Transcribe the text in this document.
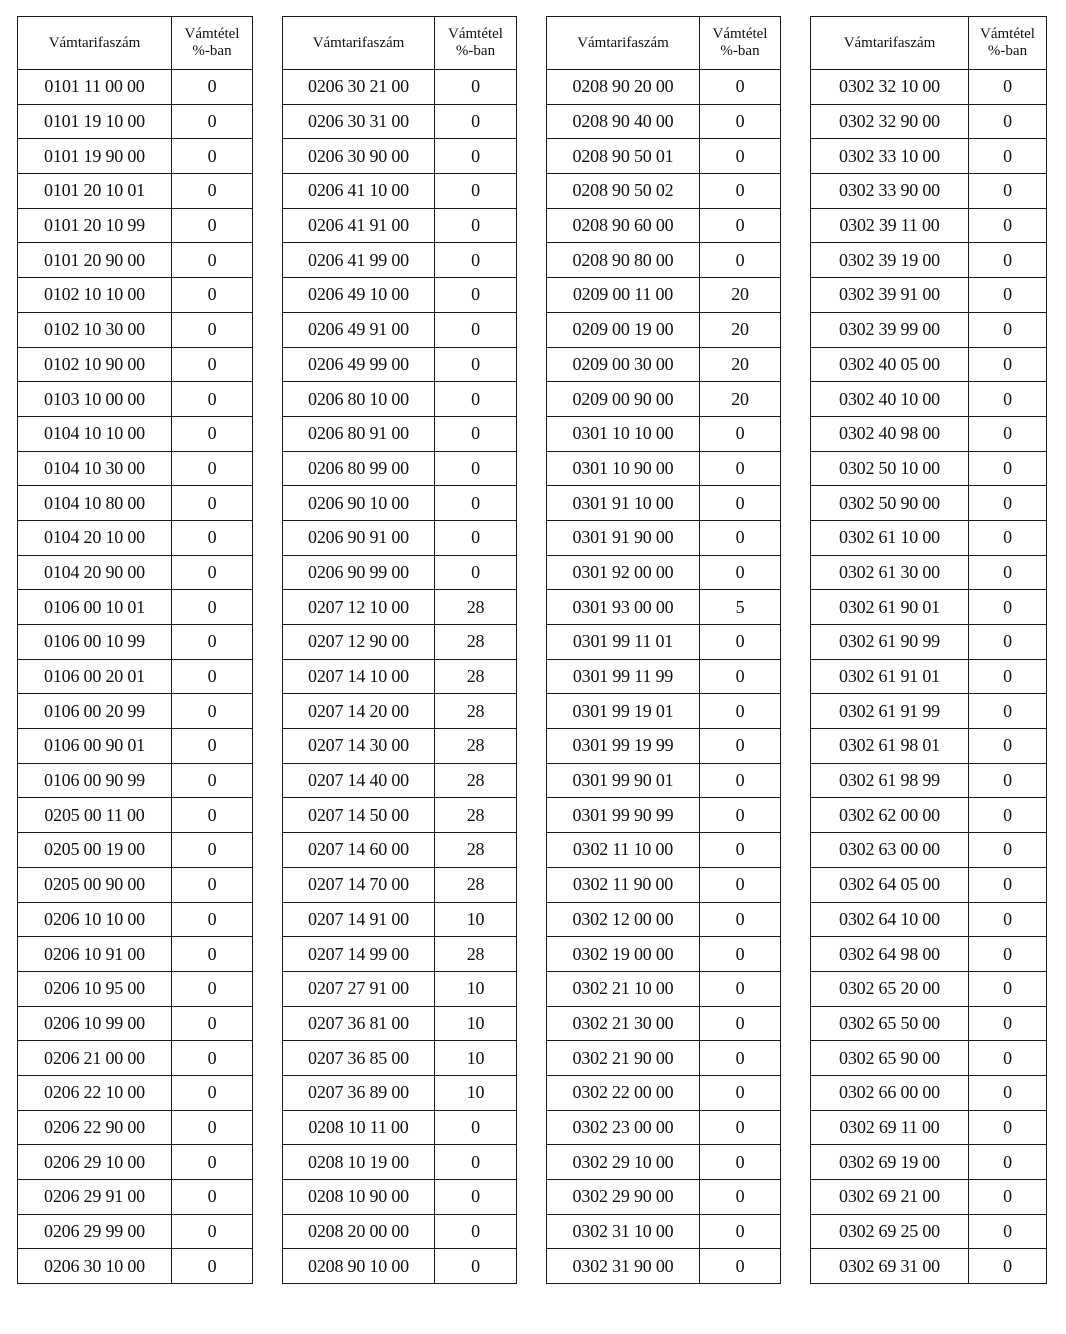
Vámtarifaszám	Vámtétel
%-ban

0101 11 00 00	0
0101 19 10 00	0
0101 19 90 00	0
0101 20 10 01	0
0101 20 10 99	0
0101 20 90 00	0
0102 10 10 00	0
0102 10 30 00	0
0102 10 90 00	0
0103 10 00 00	0
0104 10 10 00	0
0104 10 30 00	0
0104 10 80 00	0
0104 20 10 00	0
0104 20 90 00	0
0106 00 10 01	0
0106 00 10 99	0
0106 00 20 01	0
0106 00 20 99	0
0106 00 90 01	0
0106 00 90 99	0
0205 00 11 00	0
0205 00 19 00	0
0205 00 90 00	0
0206 10 10 00	0
0206 10 91 00	0
0206 10 95 00	0
0206 10 99 00	0
0206 21 00 00	0
0206 22 10 00	0
0206 22 90 00	0
0206 29 10 00	0
0206 29 91 00	0
0206 29 99 00	0
0206 30 10 00	0
Vámtarifaszám	Vámtétel
%-ban

0206 30 21 00	0
0206 30 31 00	0
0206 30 90 00	0
0206 41 10 00	0
0206 41 91 00	0
0206 41 99 00	0
0206 49 10 00	0
0206 49 91 00	0
0206 49 99 00	0
0206 80 10 00	0
0206 80 91 00	0
0206 80 99 00	0
0206 90 10 00	0
0206 90 91 00	0
0206 90 99 00	0
0207 12 10 00	28
0207 12 90 00	28
0207 14 10 00	28
0207 14 20 00	28
0207 14 30 00	28
0207 14 40 00	28
0207 14 50 00	28
0207 14 60 00	28
0207 14 70 00	28
0207 14 91 00	10
0207 14 99 00	28
0207 27 91 00	10
0207 36 81 00	10
0207 36 85 00	10
0207 36 89 00	10
0208 10 11 00	0
0208 10 19 00	0
0208 10 90 00	0
0208 20 00 00	0
0208 90 10 00	0
Vámtarifaszám	Vámtétel
%-ban

0208 90 20 00	0
0208 90 40 00	0
0208 90 50 01	0
0208 90 50 02	0
0208 90 60 00	0
0208 90 80 00	0
0209 00 11 00	20
0209 00 19 00	20
0209 00 30 00	20
0209 00 90 00	20
0301 10 10 00	0
0301 10 90 00	0
0301 91 10 00	0
0301 91 90 00	0
0301 92 00 00	0
0301 93 00 00	5
0301 99 11 01	0
0301 99 11 99	0
0301 99 19 01	0
0301 99 19 99	0
0301 99 90 01	0
0301 99 90 99	0
0302 11 10 00	0
0302 11 90 00	0
0302 12 00 00	0
0302 19 00 00	0
0302 21 10 00	0
0302 21 30 00	0
0302 21 90 00	0
0302 22 00 00	0
0302 23 00 00	0
0302 29 10 00	0
0302 29 90 00	0
0302 31 10 00	0
0302 31 90 00	0
Vámtarifaszám	Vámtétel
%-ban

0302 32 10 00	0
0302 32 90 00	0
0302 33 10 00	0
0302 33 90 00	0
0302 39 11 00	0
0302 39 19 00	0
0302 39 91 00	0
0302 39 99 00	0
0302 40 05 00	0
0302 40 10 00	0
0302 40 98 00	0
0302 50 10 00	0
0302 50 90 00	0
0302 61 10 00	0
0302 61 30 00	0
0302 61 90 01	0
0302 61 90 99	0
0302 61 91 01	0
0302 61 91 99	0
0302 61 98 01	0
0302 61 98 99	0
0302 62 00 00	0
0302 63 00 00	0
0302 64 05 00	0
0302 64 10 00	0
0302 64 98 00	0
0302 65 20 00	0
0302 65 50 00	0
0302 65 90 00	0
0302 66 00 00	0
0302 69 11 00	0
0302 69 19 00	0
0302 69 21 00	0
0302 69 25 00	0
0302 69 31 00	0
